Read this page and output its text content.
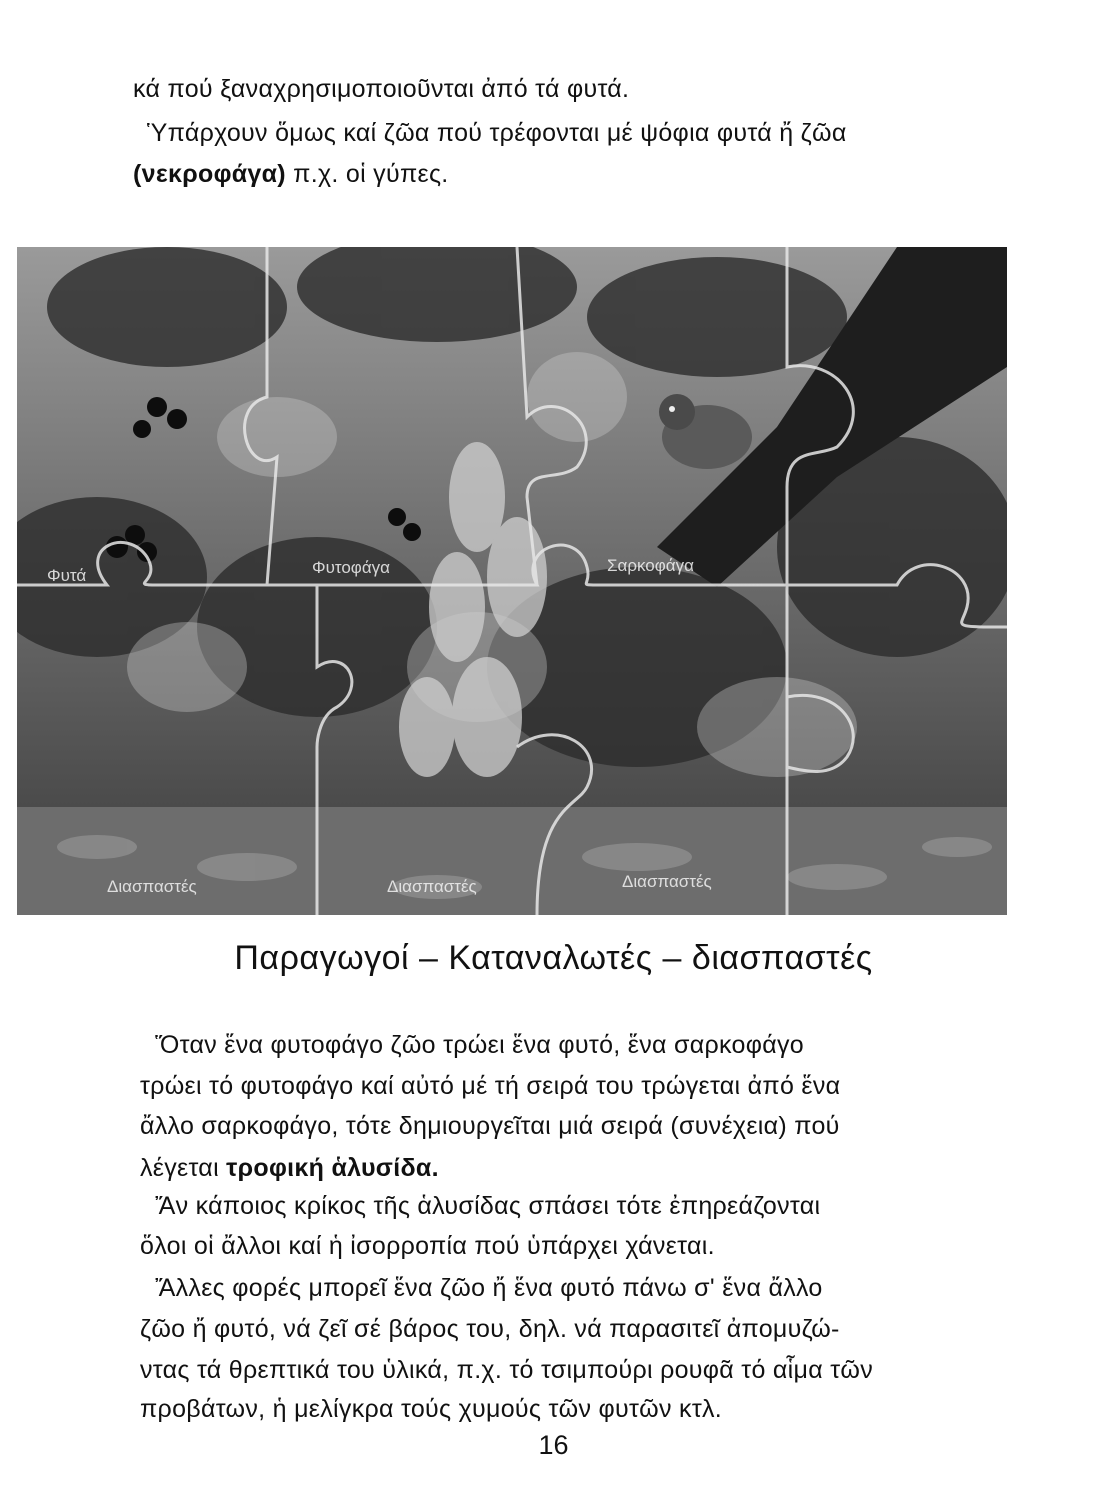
κά πού ξαναχρησιμοποιοῦνται ἀπό τά φυτά.
Ὑπάρχουν ὅμως καί ζῶα πού τρέφονται μέ ψόφια φυτά ἤ ζῶα
(νεκροφάγα) π.χ. οἱ γύπες.
Φυτά	Φυτοφάγα	Σαρκοφάγα
Διασπαστές	Διασπαστές	Διασπαστές
Παραγωγοί – Καταναλωτές – διασπαστές
Ὅταν ἕνα φυτοφάγο ζῶο τρώει ἕνα φυτό, ἕνα σαρκοφάγο
τρώει τό φυτοφάγο καί αὐτό μέ τή σειρά του τρώγεται ἀπό ἕνα
ἄλλο σαρκοφάγο, τότε δημιουργεῖται μιά σειρά (συνέχεια) πού
λέγεται τροφική ἁλυσίδα.
Ἄν κάποιος κρίκος τῆς ἁλυσίδας σπάσει τότε ἐπηρεάζονται
ὅλοι οἱ ἄλλοι καί ἡ ἰσορροπία πού ὑπάρχει χάνεται.
Ἄλλες φορές μπορεῖ ἕνα ζῶο ἤ ἕνα φυτό πάνω σ' ἕνα ἄλλο
ζῶο ἤ φυτό, νά ζεῖ σέ βάρος του, δηλ. νά παρασιτεῖ ἀπομυζώ-
ντας τά θρεπτικά του ὑλικά, π.χ. τό τσιμπούρι ρουφᾶ τό αἷμα τῶν
προβάτων, ἡ μελίγκρα τούς χυμούς τῶν φυτῶν κτλ.
16
